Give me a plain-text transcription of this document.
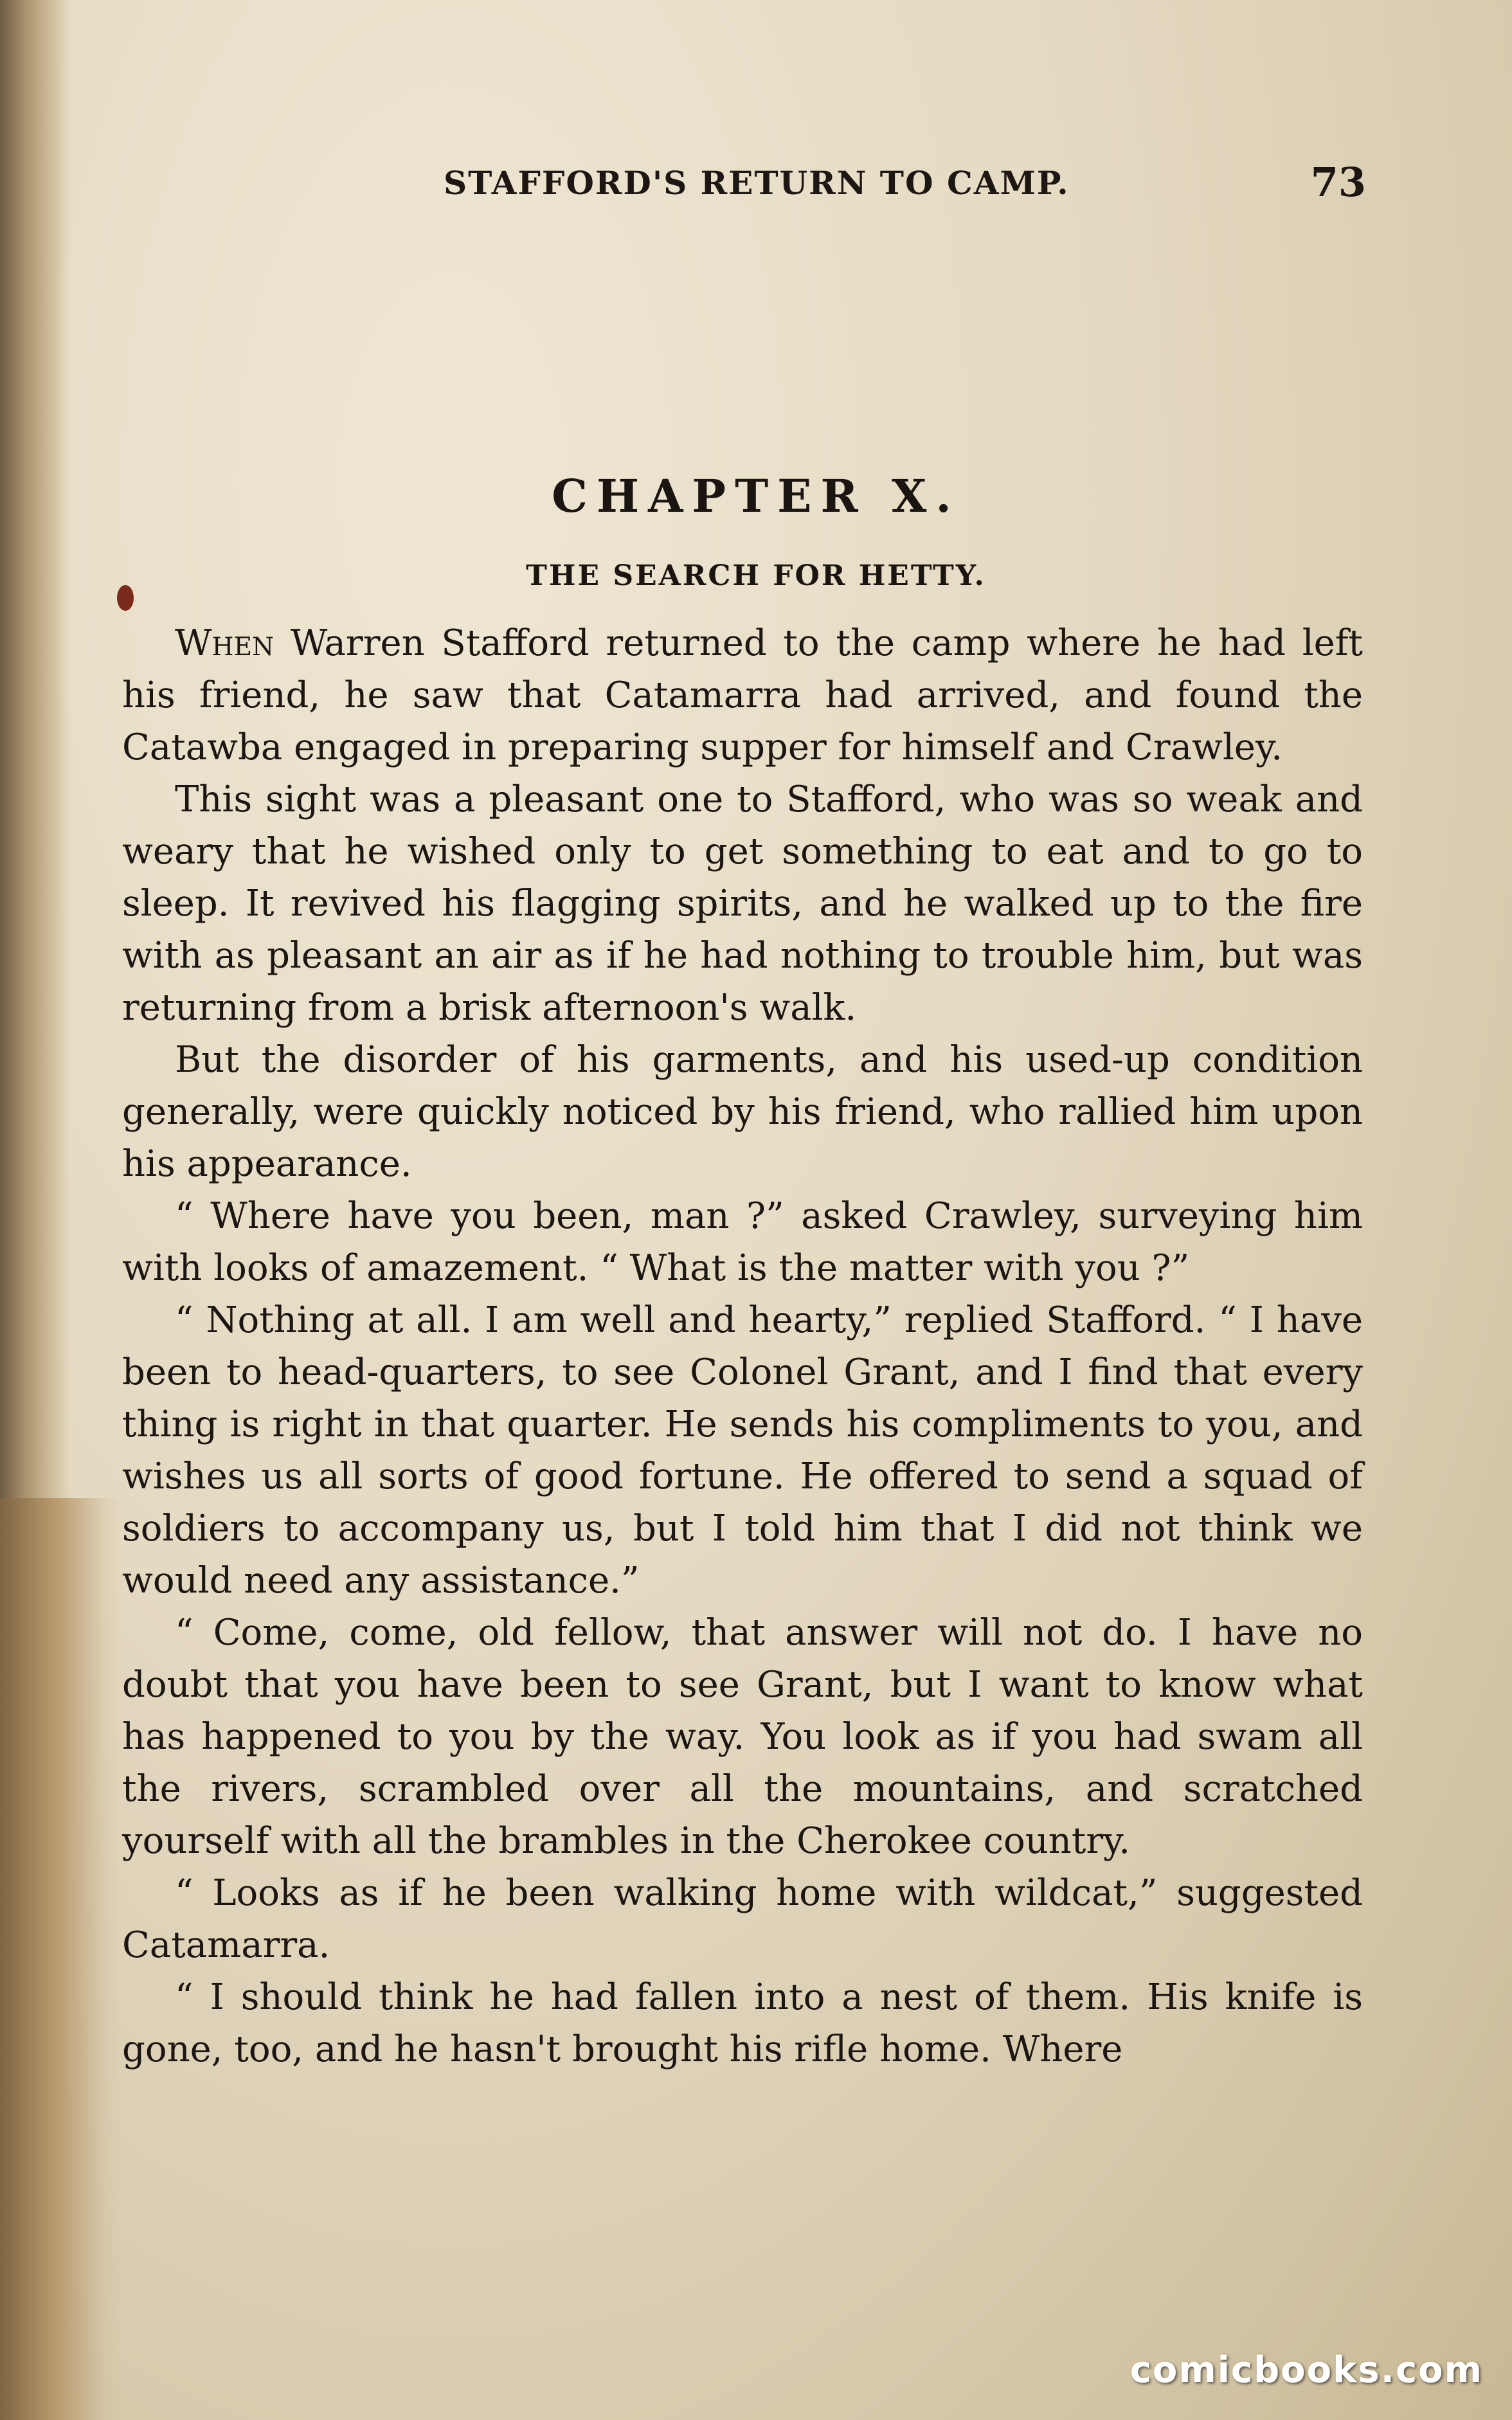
STAFFORD'S RETURN TO CAMP.	73
CHAPTER X.
THE SEARCH FOR HETTY.

When Warren Stafford returned to the camp where he had left his friend, he saw that Catamarra had arrived, and found the Catawba engaged in preparing supper for himself and Crawley.

This sight was a pleasant one to Stafford, who was so weak and weary that he wished only to get something to eat and to go to sleep. It revived his flagging spirits, and he walked up to the fire with as pleasant an air as if he had nothing to trouble him, but was returning from a brisk afternoon's walk.

But the disorder of his garments, and his used-up condition generally, were quickly noticed by his friend, who rallied him upon his appearance.

“ Where have you been, man ?” asked Crawley, surveying him with looks of amazement. “ What is the matter with you ?”

“ Nothing at all. I am well and hearty,” replied Stafford. “ I have been to head-quarters, to see Colonel Grant, and I find that every thing is right in that quarter. He sends his compliments to you, and wishes us all sorts of good fortune. He offered to send a squad of soldiers to accompany us, but I told him that I did not think we would need any assistance.”

“ Come, come, old fellow, that answer will not do. I have no doubt that you have been to see Grant, but I want to know what has happened to you by the way. You look as if you had swam all the rivers, scrambled over all the mountains, and scratched yourself with all the brambles in the Cherokee country.

“ Looks as if he been walking home with wildcat,” suggested Catamarra.

“ I should think he had fallen into a nest of them. His knife is gone, too, and he hasn't brought his rifle home. Where

comicbooks.com
